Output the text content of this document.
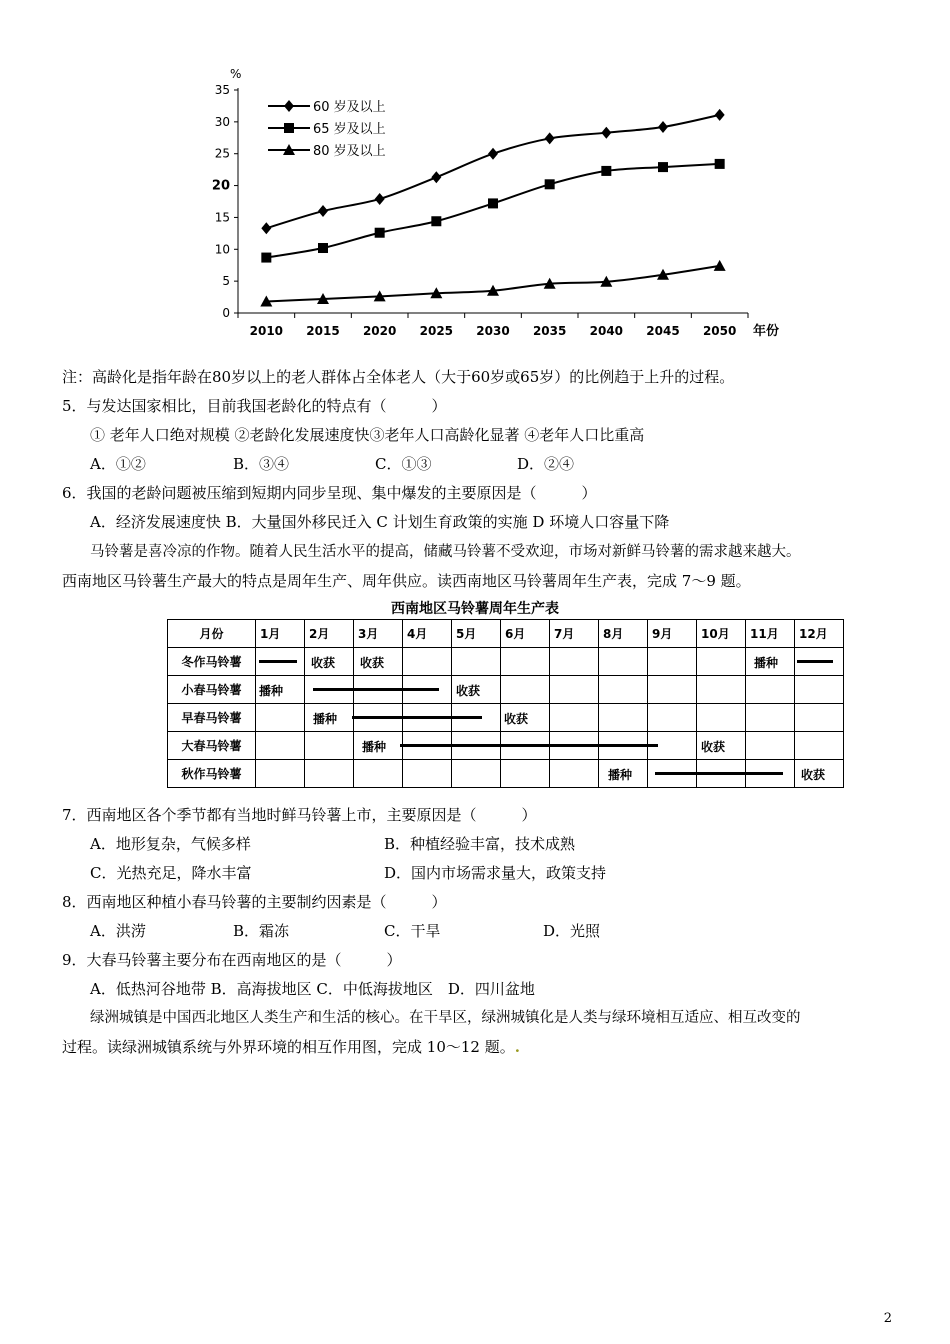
0
5
10
15
20
25
30
35
2010 2015 2020 2025 2030 2035 2040 2045 2050
%
年份
60 岁及以上
65 岁及以上
80 岁及以上
注：高龄化是指年龄在80岁以上的老人群体占全体老人（大于60岁或65岁）的比例趋于上升的过程。
5．与发达国家相比，目前我国老龄化的特点有（　　　）
① 老年人口绝对规模 ②老龄化发展速度快③老年人口高龄化显著 ④老年人口比重高
A．①②	B．③④	C．①③	D．②④
6．我国的老龄问题被压缩到短期内同步呈现、集中爆发的主要原因是（　　　）
A．经济发展速度快 B．大量国外移民迁入 C 计划生育政策的实施 D 环境人口容量下降
马铃薯是喜冷凉的作物。随着人民生活水平的提高，储藏马铃薯不受欢迎，市场对新鲜马铃薯的需求越来越大。
西南地区马铃薯生产最大的特点是周年生产、周年供应。读西南地区马铃薯周年生产表，完成 7～9 题。
西南地区马铃薯周年生产表
月份	1月	2月	3月	4月	5月	6月	7月	8月	9月	10月	11月	12月
冬作马铃薯		收获	收获								播种	

小春马铃薯	播种				收获							

早春马铃薯		播种				收获						

大春马铃薯			播种							收获		

秋作马铃薯								播种				收获
7．西南地区各个季节都有当地时鲜马铃薯上市，主要原因是（　　　）
A．地形复杂，气候多样	B．种植经验丰富，技术成熟
C．光热充足，降水丰富	D．国内市场需求量大，政策支持
8．西南地区种植小春马铃薯的主要制约因素是（　　　）
A．洪涝	B．霜冻	C．干旱	D．光照
9．大春马铃薯主要分布在西南地区的是（　　　）
A．低热河谷地带 B．高海拔地区 C．中低海拔地区　D．四川盆地
绿洲城镇是中国西北地区人类生产和生活的核心。在干旱区，绿洲城镇化是人类与绿环境相互适应、相互改变的
过程。读绿洲城镇系统与外界环境的相互作用图，完成 10～12 题。.
2
